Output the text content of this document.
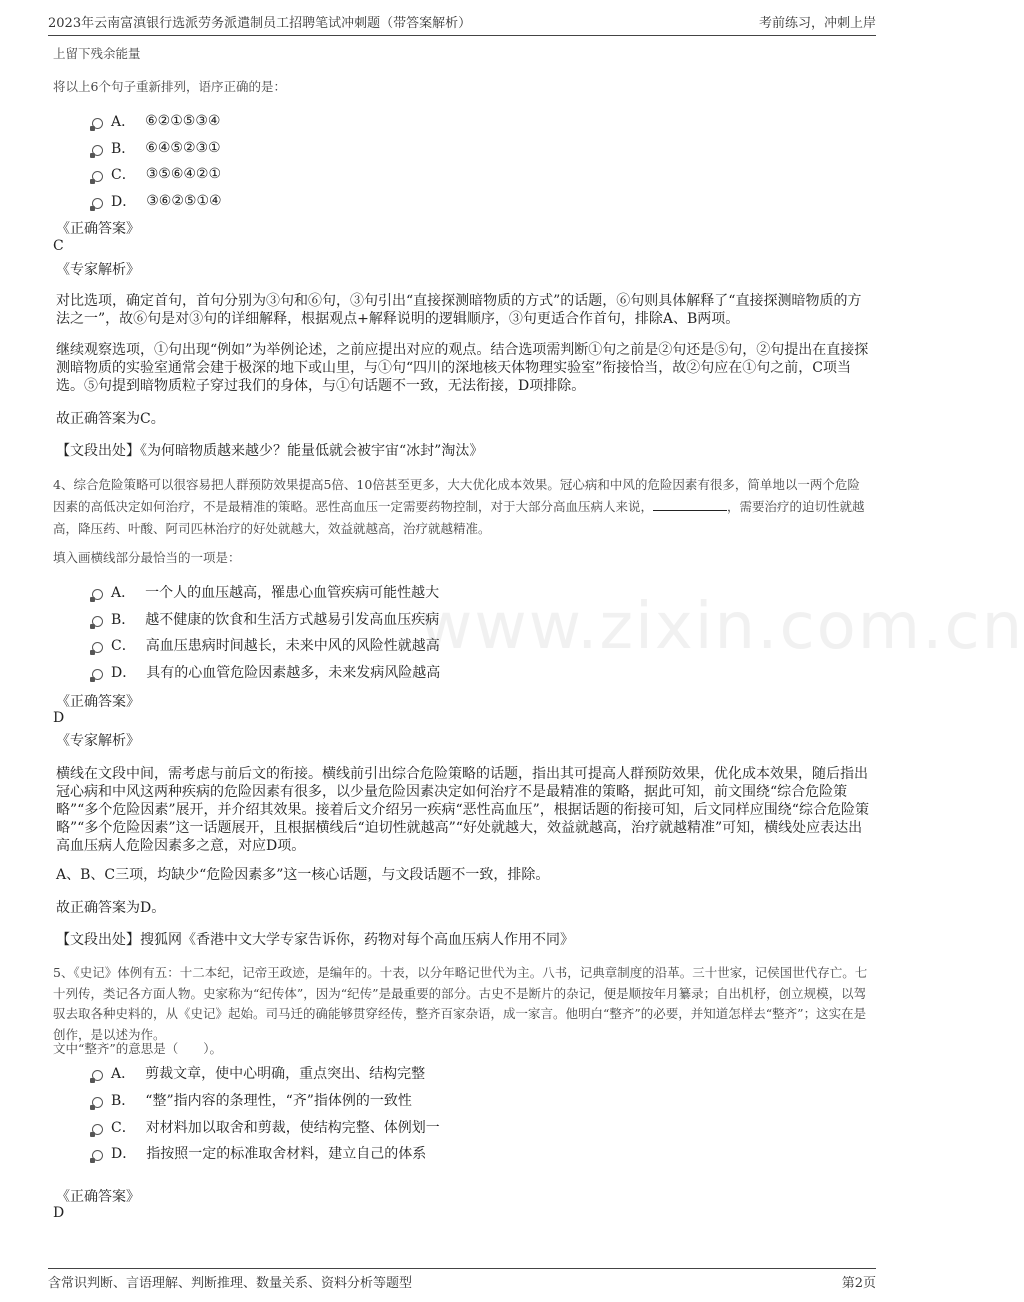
www.zixin.com.cn
2023年云南富滇银行选派劳务派遣制员工招聘笔试冲刺题（带答案解析）	考前练习，冲刺上岸
上留下残余能量
将以上6个句子重新排列，语序正确的是：
A． ⑥②①⑤③④
B． ⑥④⑤②③①
C． ③⑤⑥④②①
D． ③⑥②⑤①④
《正确答案》
C
《专家解析》
对比选项，确定首句，首句分别为③句和⑥句，③句引出“直接探测暗物质的方式”的话题，⑥句则具体解释了“直接探测暗物质的方法之一”，故⑥句是对③句的详细解释，根据观点+解释说明的逻辑顺序，③句更适合作首句，排除A、B两项。
继续观察选项，①句出现“例如”为举例论述，之前应提出对应的观点。结合选项需判断①句之前是②句还是⑤句，②句提出在直接探测暗物质的实验室通常会建于极深的地下或山里，与①句“四川的深地核天体物理实验室”衔接恰当，故②句应在①句之前，C项当选。⑤句提到暗物质粒子穿过我们的身体，与①句话题不一致，无法衔接，D项排除。
故正确答案为C。
【文段出处】《为何暗物质越来越少？能量低就会被宇宙“冰封”淘汰》
4、综合危险策略可以很容易把人群预防效果提高5倍、10倍甚至更多，大大优化成本效果。冠心病和中风的危险因素有很多，简单地以一两个危险因素的高低决定如何治疗，不是最精准的策略。恶性高血压一定需要药物控制，对于大部分高血压病人来说，	，需要治疗的迫切性就越高，降压药、叶酸、阿司匹林治疗的好处就越大，效益就越高，治疗就越精准。
填入画横线部分最恰当的一项是：
A． 一个人的血压越高，罹患心血管疾病可能性越大
B． 越不健康的饮食和生活方式越易引发高血压疾病
C． 高血压患病时间越长，未来中风的风险性就越高
D． 具有的心血管危险因素越多，未来发病风险越高
《正确答案》
D
《专家解析》
横线在文段中间，需考虑与前后文的衔接。横线前引出综合危险策略的话题，指出其可提高人群预防效果，优化成本效果，随后指出冠心病和中风这两种疾病的危险因素有很多，以少量危险因素决定如何治疗不是最精准的策略，据此可知，前文围绕“综合危险策略”“多个危险因素”展开，并介绍其效果。接着后文介绍另一疾病“恶性高血压”，根据话题的衔接可知，后文同样应围绕“综合危险策略”“多个危险因素”这一话题展开，且根据横线后“迫切性就越高”“好处就越大，效益就越高，治疗就越精准”可知，横线处应表达出高血压病人危险因素多之意，对应D项。
A、B、C三项，均缺少“危险因素多”这一核心话题，与文段话题不一致，排除。
故正确答案为D。
【文段出处】搜狐网《香港中文大学专家告诉你，药物对每个高血压病人作用不同》
5、《史记》体例有五：十二本纪，记帝王政迹，是编年的。十表，以分年略记世代为主。八书，记典章制度的沿革。三十世家，记侯国世代存亡。七十列传，类记各方面人物。史家称为“纪传体”，因为“纪传”是最重要的部分。古史不是断片的杂记，便是顺按年月纂录；自出机杼，创立规模，以驾驭去取各种史料的，从《史记》起始。司马迁的确能够贯穿经传，整齐百家杂语，成一家言。他明白“整齐”的必要，并知道怎样去“整齐”；这实在是创作，是以述为作。
文中“整齐”的意思是（　　）。
A． 剪裁文章，使中心明确，重点突出、结构完整
B． “整”指内容的条理性，“齐”指体例的一致性
C． 对材料加以取舍和剪裁，使结构完整、体例划一
D． 指按照一定的标准取舍材料，建立自己的体系
《正确答案》
D
含常识判断、言语理解、判断推理、数量关系、资料分析等题型	第2页
